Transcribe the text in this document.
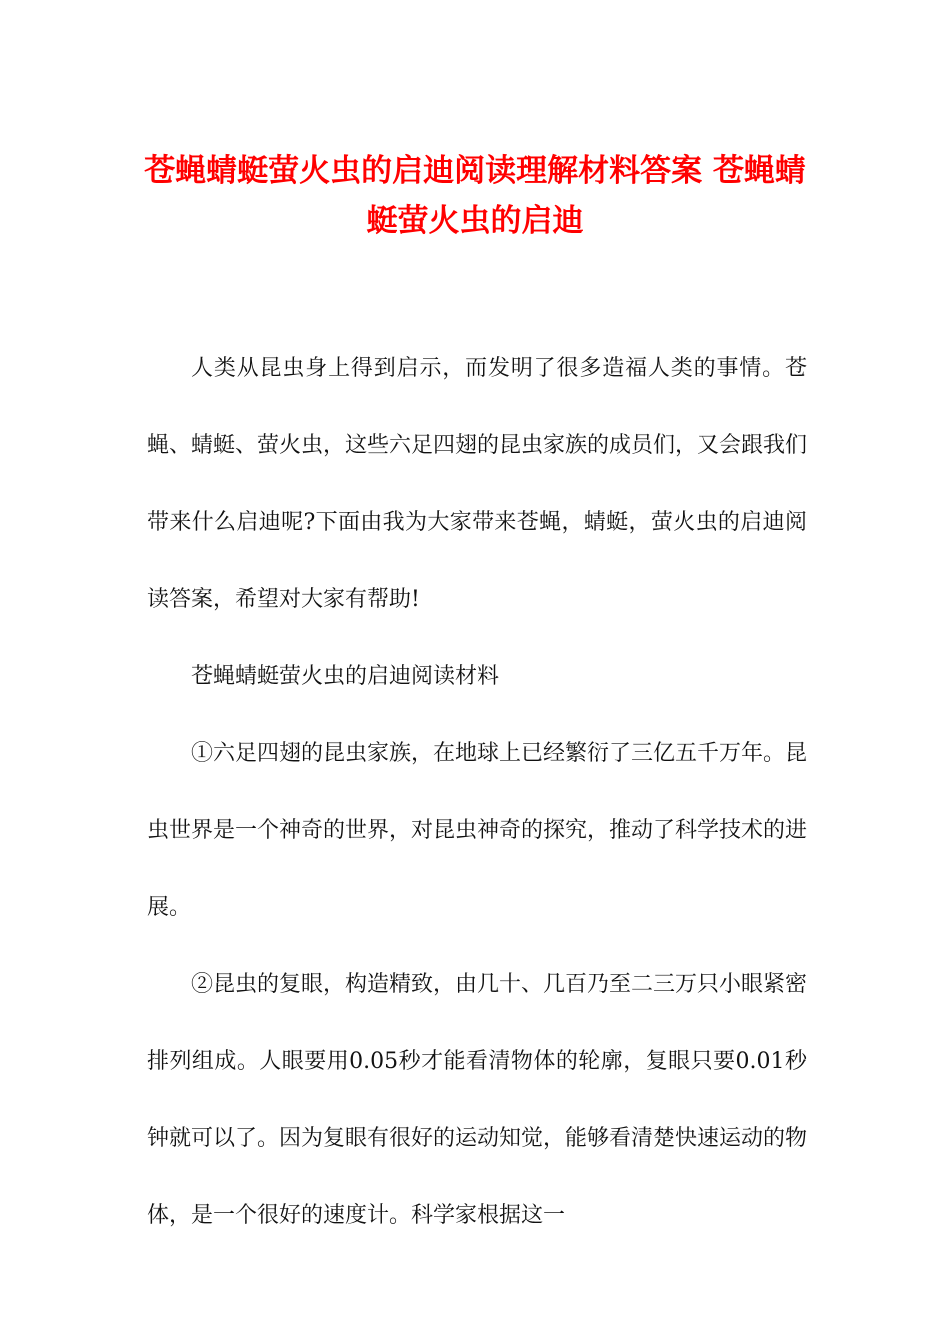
苍蝇蜻蜓萤火虫的启迪阅读理解材料答案 苍蝇蜻蜓萤火虫的启迪

人类从昆虫身上得到启示，而发明了很多造福人类的事情。苍蝇、蜻蜓、萤火虫，这些六足四翅的昆虫家族的成员们，又会跟我们带来什么启迪呢?下面由我为大家带来苍蝇，蜻蜓，萤火虫的启迪阅读答案，希望对大家有帮助!

苍蝇蜻蜓萤火虫的启迪阅读材料

①六足四翅的昆虫家族，在地球上已经繁衍了三亿五千万年。昆虫世界是一个神奇的世界，对昆虫神奇的探究，推动了科学技术的进展。

②昆虫的复眼，构造精致，由几十、几百乃至二三万只小眼紧密排列组成。人眼要用0.05秒才能看清物体的轮廓，复眼只要0.01秒钟就可以了。因为复眼有很好的运动知觉，能够看清楚快速运动的物体，是一个很好的速度计。科学家根据这一
